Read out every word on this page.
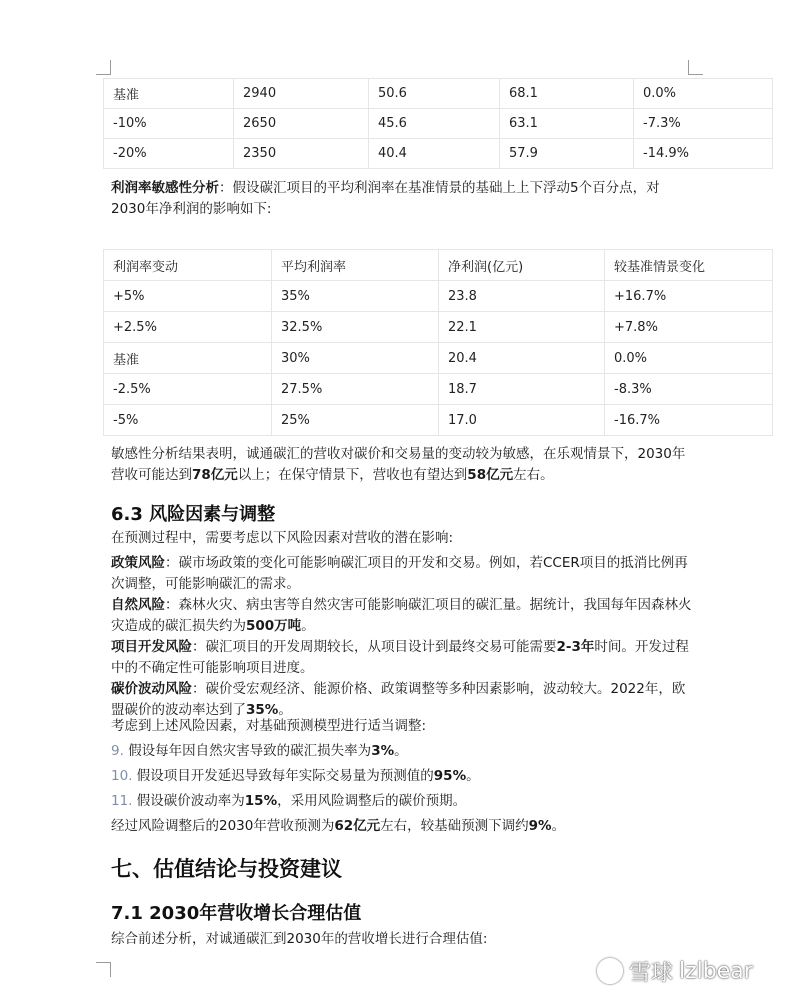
基准	2940	50.6	68.1	0.0%
-10%	2650	45.6	63.1	-7.3%
-20%	2350	40.4	57.9	-14.9%

利润率敏感性分析：假设碳汇项目的平均利润率在基准情景的基础上上下浮动5个百分点，对2030年净利润的影响如下:

利润率变动	平均利润率	净利润(亿元)	较基准情景变化
+5%	35%	23.8	+16.7%
+2.5%	32.5%	22.1	+7.8%
基准	30%	20.4	0.0%
-2.5%	27.5%	18.7	-8.3%
-5%	25%	17.0	-16.7%

敏感性分析结果表明，诚通碳汇的营收对碳价和交易量的变动较为敏感，在乐观情景下，2030年营收可能达到78亿元以上；在保守情景下，营收也有望达到58亿元左右。

6.3 风险因素与调整

在预测过程中，需要考虑以下风险因素对营收的潜在影响:

政策风险：碳市场政策的变化可能影响碳汇项目的开发和交易。例如，若CCER项目的抵消比例再次调整，可能影响碳汇的需求。

自然风险：森林火灾、病虫害等自然灾害可能影响碳汇项目的碳汇量。据统计，我国每年因森林火灾造成的碳汇损失约为500万吨。

项目开发风险：碳汇项目的开发周期较长，从项目设计到最终交易可能需要2-3年时间。开发过程中的不确定性可能影响项目进度。

碳价波动风险：碳价受宏观经济、能源价格、政策调整等多种因素影响，波动较大。2022年，欧盟碳价的波动率达到了35%。

考虑到上述风险因素，对基础预测模型进行适当调整:

9. 假设每年因自然灾害导致的碳汇损失率为3%。

10. 假设项目开发延迟导致每年实际交易量为预测值的95%。

11. 假设碳价波动率为15%，采用风险调整后的碳价预期。

经过风险调整后的2030年营收预测为62亿元左右，较基础预测下调约9%。

七、估值结论与投资建议
7.1 2030年营收增长合理估值

综合前述分析，对诚通碳汇到2030年的营收增长进行合理估值:

雪球 lzlbear
